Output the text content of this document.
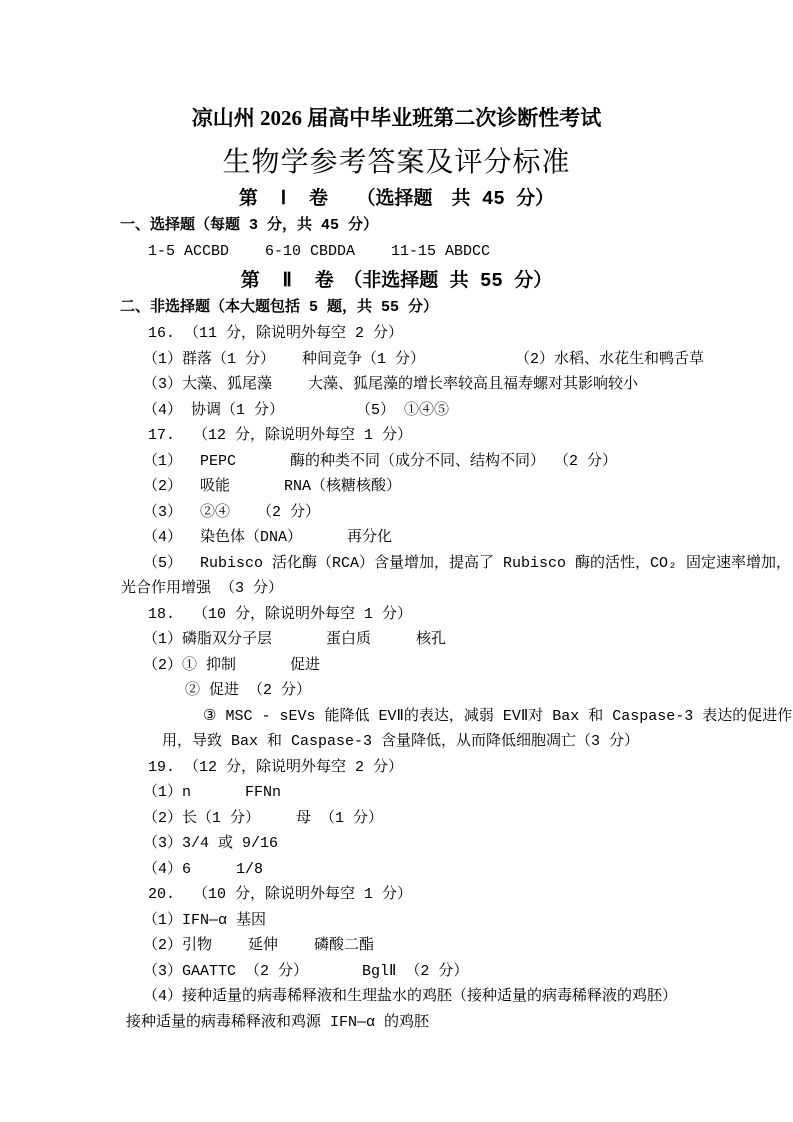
凉山州 2026 届高中毕业班第二次诊断性考试
生物学参考答案及评分标准
第  Ⅰ  卷　　（选择题　共 45 分）
一、选择题（每题 3 分，共 45 分）
1-5 ACCBD    6-10 CBDDA    11-15 ABDCC
第  Ⅱ  卷　（非选择题 共 55 分）
二、非选择题（本大题包括 5 题，共 55 分）
16. （11 分，除说明外每空 2 分）
（1）群落（1 分）   种间竞争（1 分）          （2）水稻、水花生和鸭舌草
（3）大藻、狐尾藻    大藻、狐尾藻的增长率较高且福寿螺对其影响较小
（4） 协调（1 分）        （5） ①④⑤
17.  （12 分，除说明外每空 1 分）
（1）  PEPC      酶的种类不同（成分不同、结构不同） （2 分）
（2）  吸能      RNA（核糖核酸）
（3）  ②④   （2 分）
（4）  染色体（DNA）     再分化
（5）  Rubisco 活化酶（RCA）含量增加，提高了 Rubisco 酶的活性，CO₂ 固定速率增加，
光合作用增强 （3 分）
18.  （10 分，除说明外每空 1 分）
（1）磷脂双分子层      蛋白质     核孔
（2）① 抑制      促进
② 促进 （2 分）
③ MSC - sEVs 能降低 EVⅡ的表达，减弱 EVⅡ对 Bax 和 Caspase-3 表达的促进作
用，导致 Bax 和 Caspase-3 含量降低，从而降低细胞凋亡（3 分）
19. （12 分，除说明外每空 2 分）
（1）n      FFNn
（2）长（1 分）    母 （1 分）
（3）3/4 或 9/16
（4）6     1/8
20.  （10 分，除说明外每空 1 分）
（1）IFN—α 基因
（2）引物    延伸    磷酸二酯
（3）GAATTC （2 分）      BglⅡ （2 分）
（4）接种适量的病毒稀释液和生理盐水的鸡胚（接种适量的病毒稀释液的鸡胚）
接种适量的病毒稀释液和鸡源 IFN—α 的鸡胚
